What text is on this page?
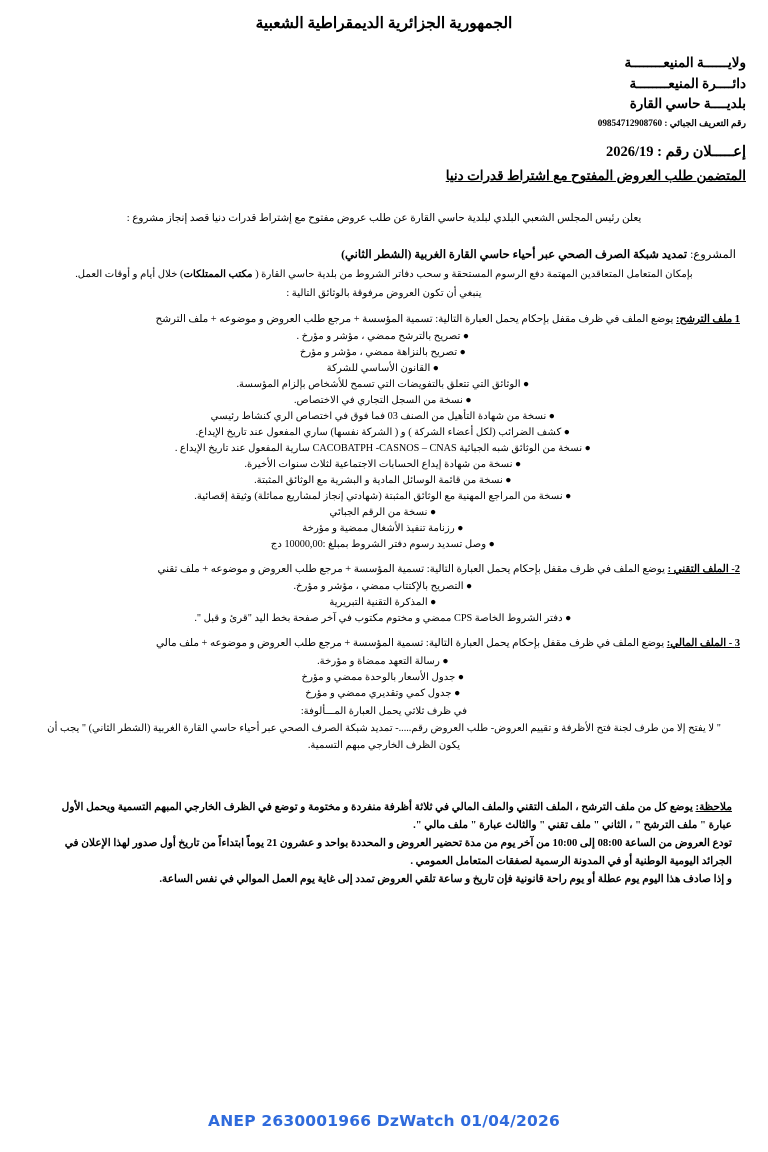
الجمهورية الجزائرية الديمقراطية الشعبية
ولايــــــة المنيعــــــــة
دائــــرة المنيعــــــــة
بلديــــة حاسي القارة
رقم التعريف الجبائي : 09854712908760
إعـــــلان رقم : 2026/19
المتضمن طلب العروض المفتوح مع اشتراط قدرات دنيا
يعلن رئيس المجلس الشعبي البلدي لبلدية حاسي القارة عن طلب عروض مفتوح مع إشتراط قدرات دنيا قصد إنجاز مشروع :
المشروع: تمديد شبكة الصرف الصحي عبر أحياء حاسي القارة الغربية (الشطر الثاني)
بإمكان المتعامل المتعاقدين المهتمة دفع الرسوم المستحقة و سحب دفاتر الشروط من بلدية حاسي القارة ( مكتب الممتلكات) خلال أيام و أوقات العمل.
ينبغي أن تكون العروض مرفوقة بالوثائق التالية :
1 ملف الترشح: يوضع الملف في ظرف مقفل بإحكام يحمل العبارة التالية: تسمية المؤسسة + مرجع طلب العروض و موضوعه + ملف الترشح
●تصريح بالترشح ممضي ، مؤشر و مؤرخ .
●تصريح بالنزاهة ممضي ، مؤشر و مؤرخ
●القانون الأساسي للشركة
●الوثائق التي تتعلق بالتفويضات التي تسمح للأشخاص بإلزام المؤسسة.
●نسخة من السجل التجاري في الاختصاص.
●نسخة من شهادة التأهيل من الصنف 03 فما فوق في اختصاص الري كنشاط رئيسي
●كشف الضرائب (لكل أعضاء الشركة ) و ( الشركة نفسها) ساري المفعول عند تاريخ الإيداع.
●نسخة من الوثائق شبه الجبائية CACOBATPH -CASNOS – CNAS سارية المفعول عند تاريخ الإيداع .
●نسخة من شهادة إيداع الحسابات الاجتماعية لثلاث سنوات الأخيرة.
●نسخة من قائمة الوسائل المادية و البشرية مع الوثائق المثبتة.
●نسخة من المراجع المهنية مع الوثائق المثبتة (شهادتي إنجاز لمشاريع مماثلة) وثيقة إقصائية.
●نسخة من الرقم الجبائي
●رزنامة تنفيذ الأشغال ممضية و مؤرخة
●وصل تسديد رسوم دفتر الشروط بمبلغ :10000,00 دج
2- الملف التقني : يوضع الملف في ظرف مقفل بإحكام يحمل العبارة التالية: تسمية المؤسسة + مرجع طلب العروض و موضوعه + ملف تقني
●التصريح بالإكتتاب ممضي ، مؤشر و مؤرخ.
●المذكرة التقنية التبريرية
●دفتر الشروط الخاصة CPS ممضي و مختوم مكتوب في آخر صفحة بخط اليد "قرئ و قبل ".
3 - الملف المالي: يوضع الملف في ظرف مقفل بإحكام يحمل العبارة التالية: تسمية المؤسسة + مرجع طلب العروض و موضوعه + ملف مالي
●رسالة التعهد ممضاة و مؤرخة.
●جدول الأسعار بالوحدة ممضي و مؤرخ
●جدول كمي وتقديري ممضي و مؤرخ
في ظرف ثلاثي يحمل العبارة المـــألوفة:
" لا يفتح إلا من طرف لجنة فتح الأظرفة و تقييم العروض- طلب العروض رقم.....- تمديد شبكة الصرف الصحي عبر أحياء حاسي القارة الغربية (الشطر الثاني) " يجب أن يكون الظرف الخارجي مبهم التسمية.

ملاحظة: يوضع كل من ملف الترشح ، الملف التقني والملف المالي في ثلاثة أظرفة منفردة و مختومة و توضع في الظرف الخارجي المبهم التسمية ويحمل الأول عبارة " ملف الترشح " ، الثاني " ملف تقني " والثالث عبارة " ملف مالي ".

تودع العروض من الساعة 08:00 إلى 10:00 من آخر يوم من مدة تحضير العروض و المحددة بواحد و عشرون 21 يوماً ابتداءاً من تاريخ أول صدور لهذا الإعلان في الجرائد اليومية الوطنية أو في المدونة الرسمية لصفقات المتعامل العمومي .

و إذا صادف هذا اليوم يوم عطلة أو يوم راحة قانونية فإن تاريخ و ساعة تلقي العروض تمدد إلى غاية يوم العمل الموالي في نفس الساعة.

ANEP 2630001966 DzWatch 01/04/2026
